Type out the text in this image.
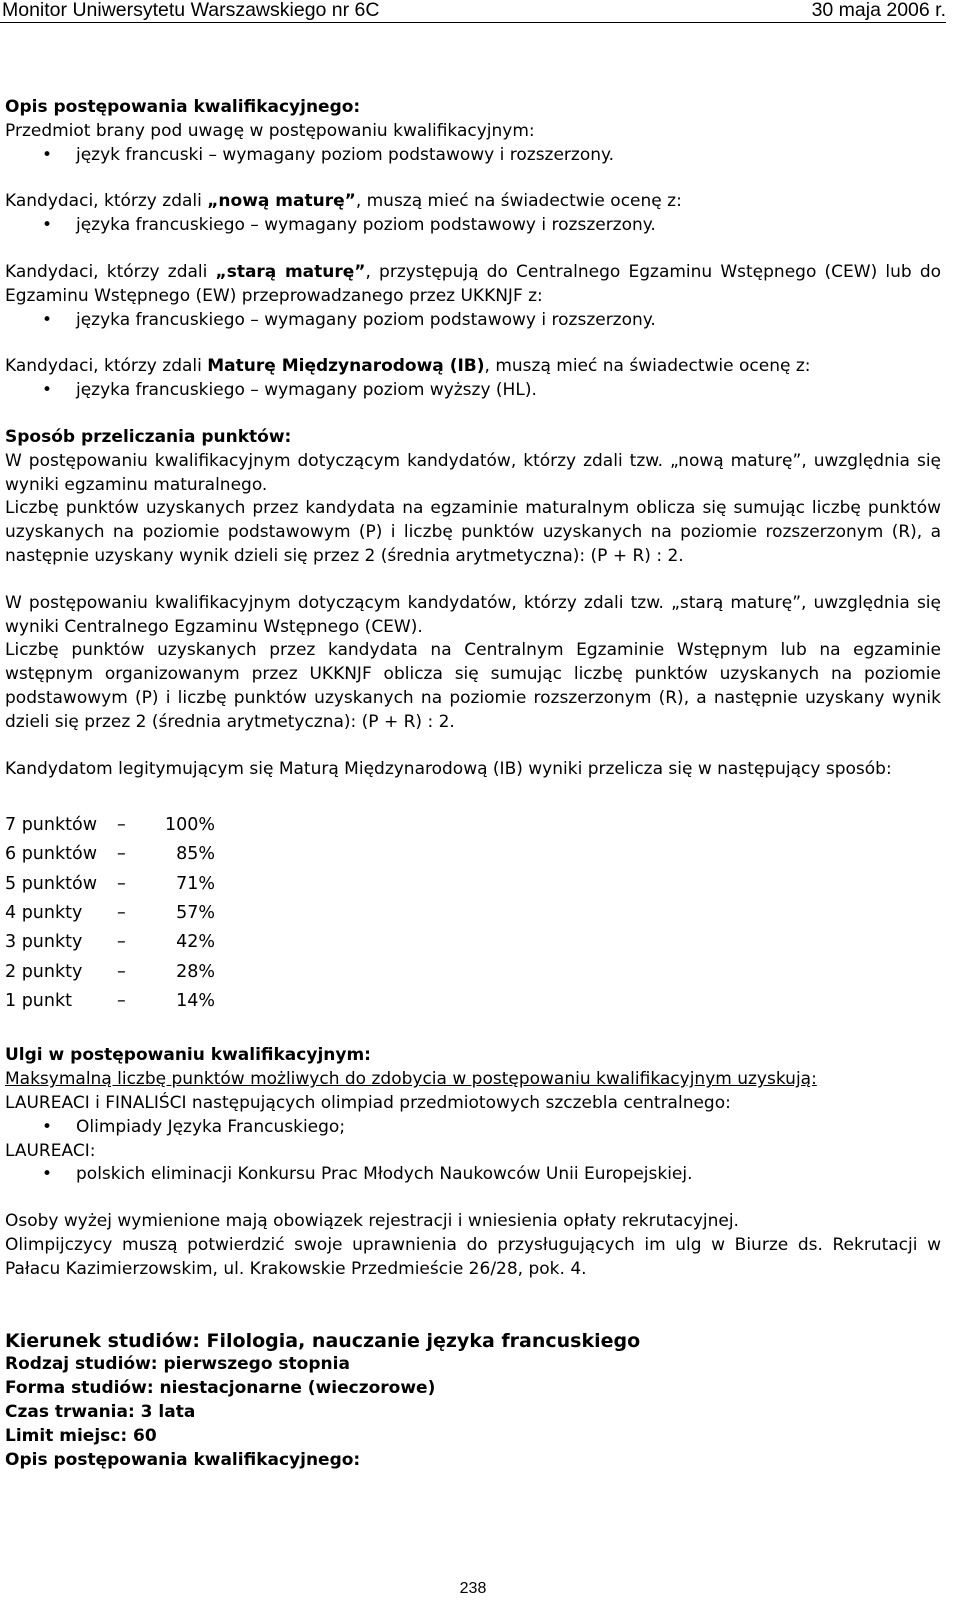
Monitor Uniwersytetu Warszawskiego nr 6C	30 maja 2006 r.

Opis postępowania kwalifikacyjnego:

Przedmiot brany pod uwagę w postępowaniu kwalifikacyjnym:

• język francuski – wymagany poziom podstawowy i rozszerzony.

Kandydaci, którzy zdali „nową maturę”, muszą mieć na świadectwie ocenę z:

• języka francuskiego – wymagany poziom podstawowy i rozszerzony.

Kandydaci, którzy zdali „starą maturę”, przystępują do Centralnego Egzaminu Wstępnego (CEW) lub do Egzaminu Wstępnego (EW) przeprowadzanego przez UKKNJF z:

• języka francuskiego – wymagany poziom podstawowy i rozszerzony.

Kandydaci, którzy zdali Maturę Międzynarodową (IB), muszą mieć na świadectwie ocenę z:

• języka francuskiego – wymagany poziom wyższy (HL).

Sposób przeliczania punktów:

W postępowaniu kwalifikacyjnym dotyczącym kandydatów, którzy zdali tzw. „nową maturę”, uwzględnia się wyniki egzaminu maturalnego.

Liczbę punktów uzyskanych przez kandydata na egzaminie maturalnym oblicza się sumując liczbę punktów uzyskanych na poziomie podstawowym (P) i liczbę punktów uzyskanych na poziomie rozszerzonym (R), a następnie uzyskany wynik dzieli się przez 2 (średnia arytmetyczna): (P + R) : 2.

W postępowaniu kwalifikacyjnym dotyczącym kandydatów, którzy zdali tzw. „starą maturę”, uwzględnia się wyniki Centralnego Egzaminu Wstępnego (CEW).

Liczbę punktów uzyskanych przez kandydata na Centralnym Egzaminie Wstępnym lub na egzaminie wstępnym organizowanym przez UKKNJF oblicza się sumując liczbę punktów uzyskanych na poziomie podstawowym (P) i liczbę punktów uzyskanych na poziomie rozszerzonym (R), a następnie uzyskany wynik dzieli się przez 2 (średnia arytmetyczna): (P + R) : 2.

Kandydatom legitymującym się Maturą Międzynarodową (IB) wyniki przelicza się w następujący sposób:

7 punktów	–	100%
6 punktów	–	85%
5 punktów	–	71%
4 punkty	–	57%
3 punkty	–	42%
2 punkty	–	28%
1 punkt	–	14%

Ulgi w postępowaniu kwalifikacyjnym:

Maksymalną liczbę punktów możliwych do zdobycia w postępowaniu kwalifikacyjnym uzyskują:

LAUREACI i FINALIŚCI następujących olimpiad przedmiotowych szczebla centralnego:

• Olimpiady Języka Francuskiego;

LAUREACI:

• polskich eliminacji Konkursu Prac Młodych Naukowców Unii Europejskiej.

Osoby wyżej wymienione mają obowiązek rejestracji i wniesienia opłaty rekrutacyjnej.

Olimpijczycy muszą potwierdzić swoje uprawnienia do przysługujących im ulg w Biurze ds. Rekrutacji w Pałacu Kazimierzowskim, ul. Krakowskie Przedmieście 26/28, pok. 4.

Kierunek studiów: Filologia, nauczanie języka francuskiego

Rodzaj studiów: pierwszego stopnia

Forma studiów: niestacjonarne (wieczorowe)

Czas trwania: 3 lata

Limit miejsc: 60

Opis postępowania kwalifikacyjnego:

238
